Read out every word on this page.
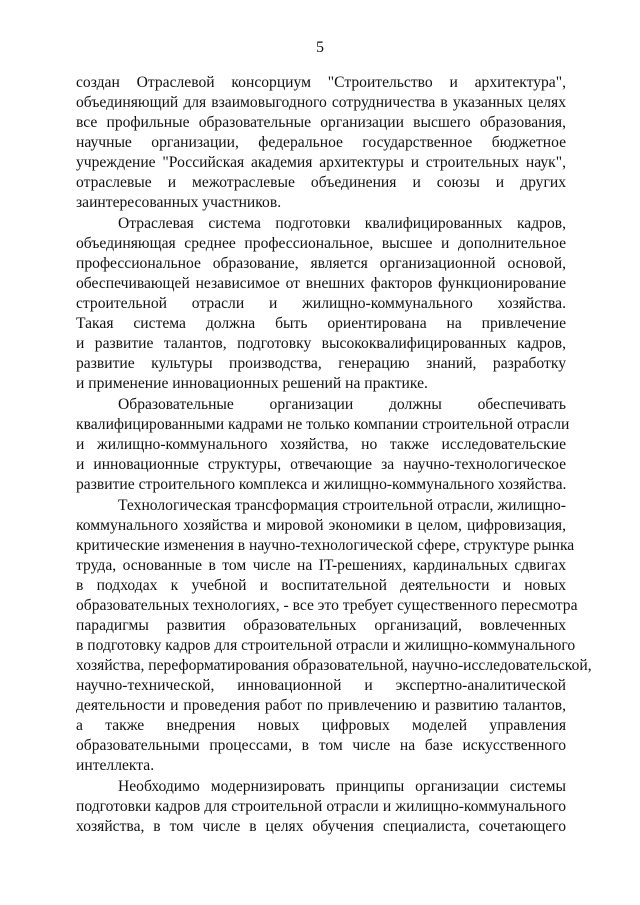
5
создан Отраслевой консорциум "Строительство и архитектура",
объединяющий для взаимовыгодного сотрудничества в указанных целях
все профильные образовательные организации высшего образования,
научные организации, федеральное государственное бюджетное
учреждение "Российская академия архитектуры и строительных наук",
отраслевые и межотраслевые объединения и союзы и других
заинтересованных участников.
Отраслевая система подготовки квалифицированных кадров,
объединяющая среднее профессиональное, высшее и дополнительное
профессиональное образование, является организационной основой,
обеспечивающей независимое от внешних факторов функционирование
строительной отрасли и жилищно-коммунального хозяйства.
Такая система должна быть ориентирована на привлечение
и развитие талантов, подготовку высококвалифицированных кадров,
развитие культуры производства, генерацию знаний, разработку
и применение инновационных решений на практике.
Образовательные организации должны обеспечивать
квалифицированными кадрами не только компании строительной отрасли
и жилищно-коммунального хозяйства, но также исследовательские
и инновационные структуры, отвечающие за научно-технологическое
развитие строительного комплекса и жилищно-коммунального хозяйства.
Технологическая трансформация строительной отрасли, жилищно-
коммунального хозяйства и мировой экономики в целом, цифровизация,
критические изменения в научно-технологической сфере, структуре рынка
труда, основанные в том числе на IT-решениях, кардинальных сдвигах
в подходах к учебной и воспитательной деятельности и новых
образовательных технологиях, - все это требует существенного пересмотра
парадигмы развития образовательных организаций, вовлеченных
в подготовку кадров для строительной отрасли и жилищно-коммунального
хозяйства, переформатирования образовательной, научно-исследовательской,
научно-технической, инновационной и экспертно-аналитической
деятельности и проведения работ по привлечению и развитию талантов,
а также внедрения новых цифровых моделей управления
образовательными процессами, в том числе на базе искусственного
интеллекта.
Необходимо модернизировать принципы организации системы
подготовки кадров для строительной отрасли и жилищно-коммунального
хозяйства, в том числе в целях обучения специалиста, сочетающего
